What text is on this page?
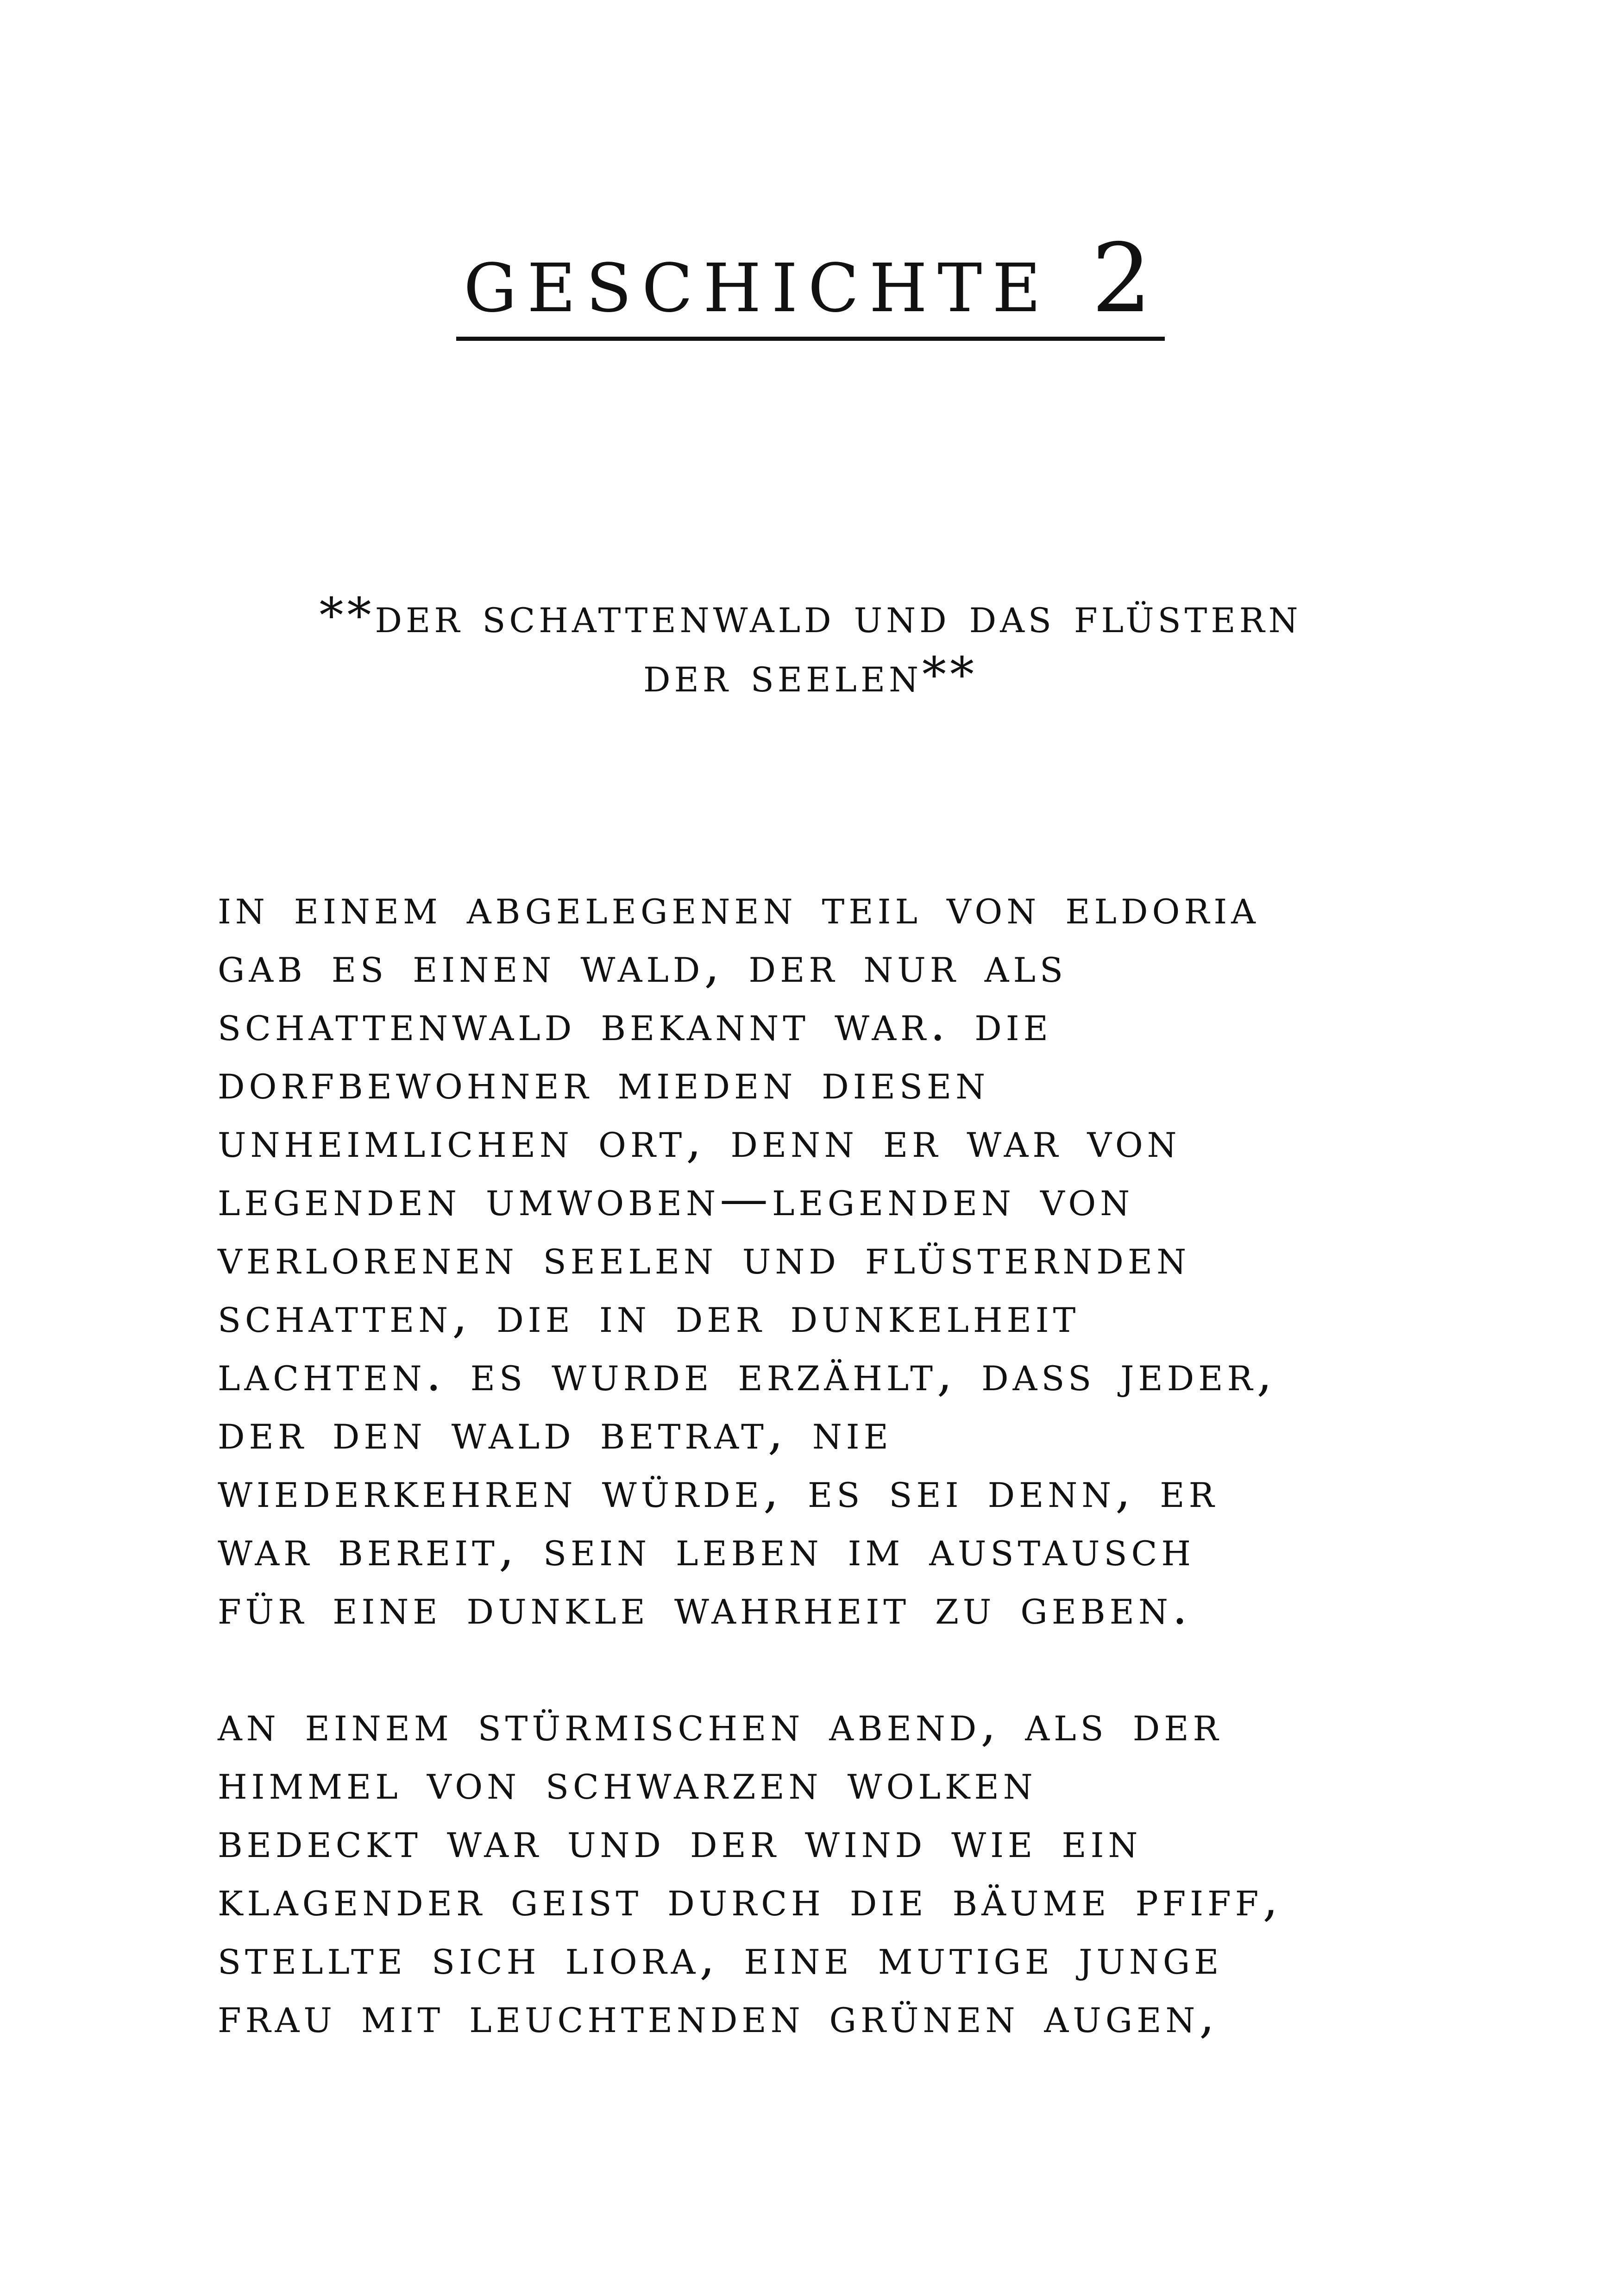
geschichte 2
**der schattenwald und das flüstern
der seelen**

in einem abgelegenen teil von eldoria
gab es einen wald, der nur als
schattenwald bekannt war. die
dorfbewohner mieden diesen
unheimlichen ort, denn er war von
legenden umwoben—legenden von
verlorenen seelen und flüsternden
schatten, die in der dunkelheit
lachten. es wurde erzählt, dass jeder,
der den wald betrat, nie
wiederkehren würde, es sei denn, er
war bereit, sein leben im austausch
für eine dunkle wahrheit zu geben.

an einem stürmischen abend, als der
himmel von schwarzen wolken
bedeckt war und der wind wie ein
klagender geist durch die bäume pfiff,
stellte sich liora, eine mutige junge
frau mit leuchtenden grünen augen,
